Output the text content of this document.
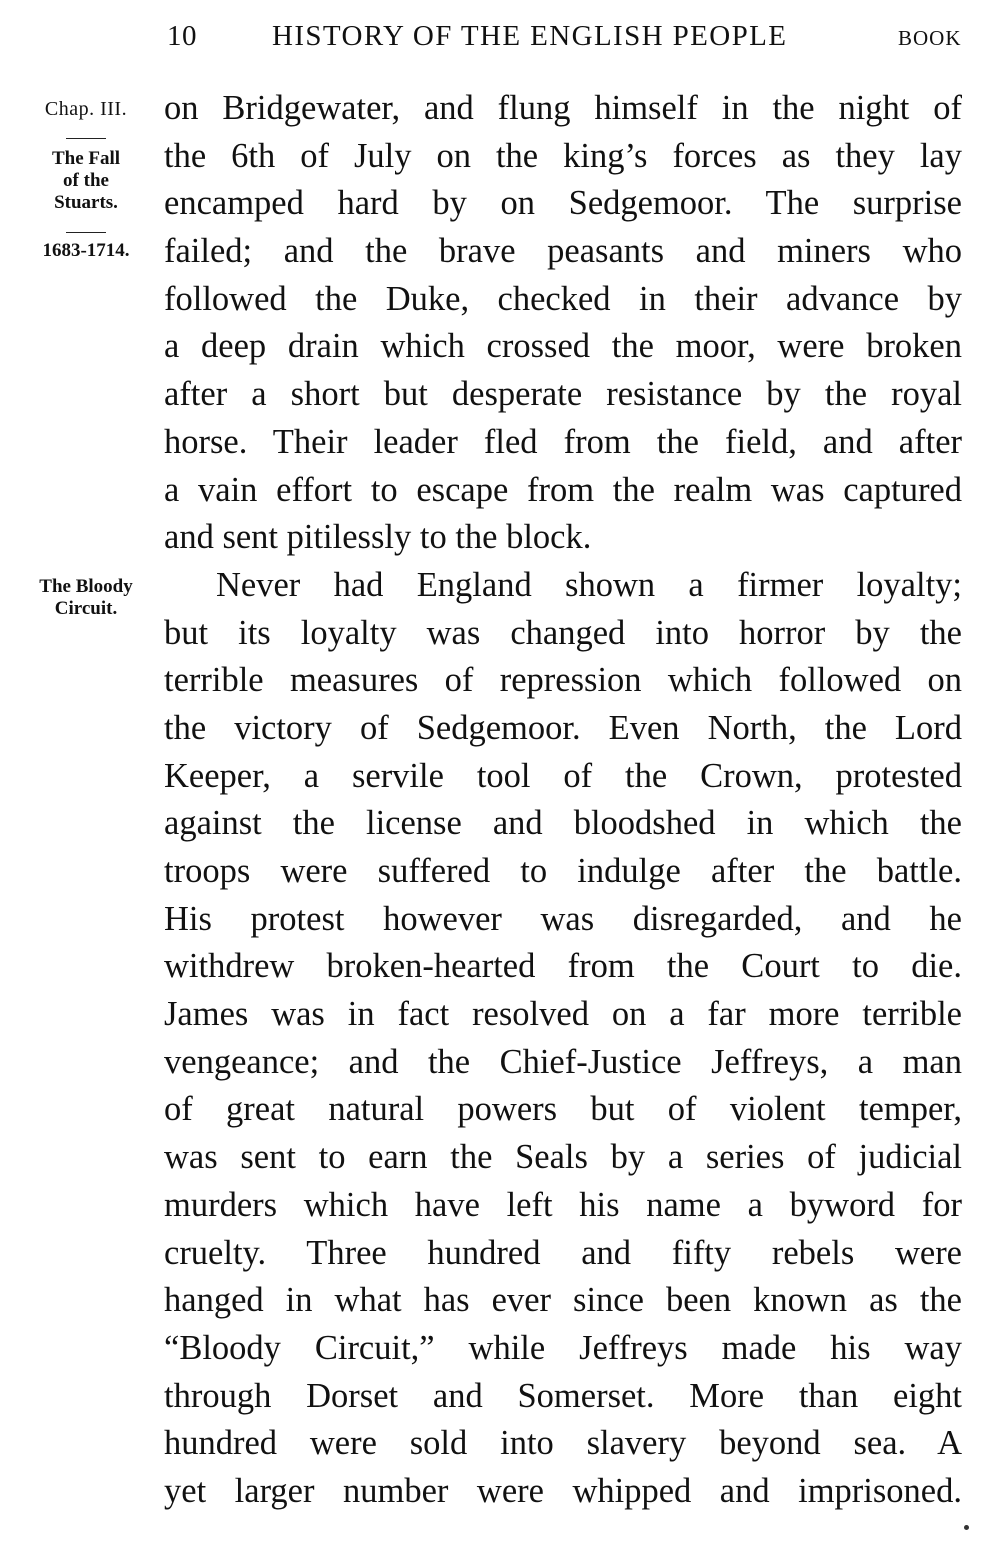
10	HISTORY OF THE ENGLISH PEOPLE	BOOK
Chap. III.
The Fall
of the
Stuarts.
1683-1714.
The Bloody
Circuit.
on Bridgewater, and flung himself in the night of
the 6th of July on the king’s forces as they lay
encamped hard by on Sedgemoor. The surprise
failed; and the brave peasants and miners who
followed the Duke, checked in their advance by
a deep drain which crossed the moor, were broken
after a short but desperate resistance by the royal
horse. Their leader fled from the field, and after
a vain effort to escape from the realm was captured
and sent pitilessly to the block.
Never had England shown a firmer loyalty;
but its loyalty was changed into horror by the
terrible measures of repression which followed on
the victory of Sedgemoor. Even North, the Lord
Keeper, a servile tool of the Crown, protested
against the license and bloodshed in which the
troops were suffered to indulge after the battle.
His protest however was disregarded, and he
withdrew broken-hearted from the Court to die.
James was in fact resolved on a far more terrible
vengeance; and the Chief-Justice Jeffreys, a man
of great natural powers but of violent temper,
was sent to earn the Seals by a series of judicial
murders which have left his name a byword for
cruelty. Three hundred and fifty rebels were
hanged in what has ever since been known as the
“Bloody Circuit,” while Jeffreys made his way
through Dorset and Somerset. More than eight
hundred were sold into slavery beyond sea. A
yet larger number were whipped and imprisoned.
